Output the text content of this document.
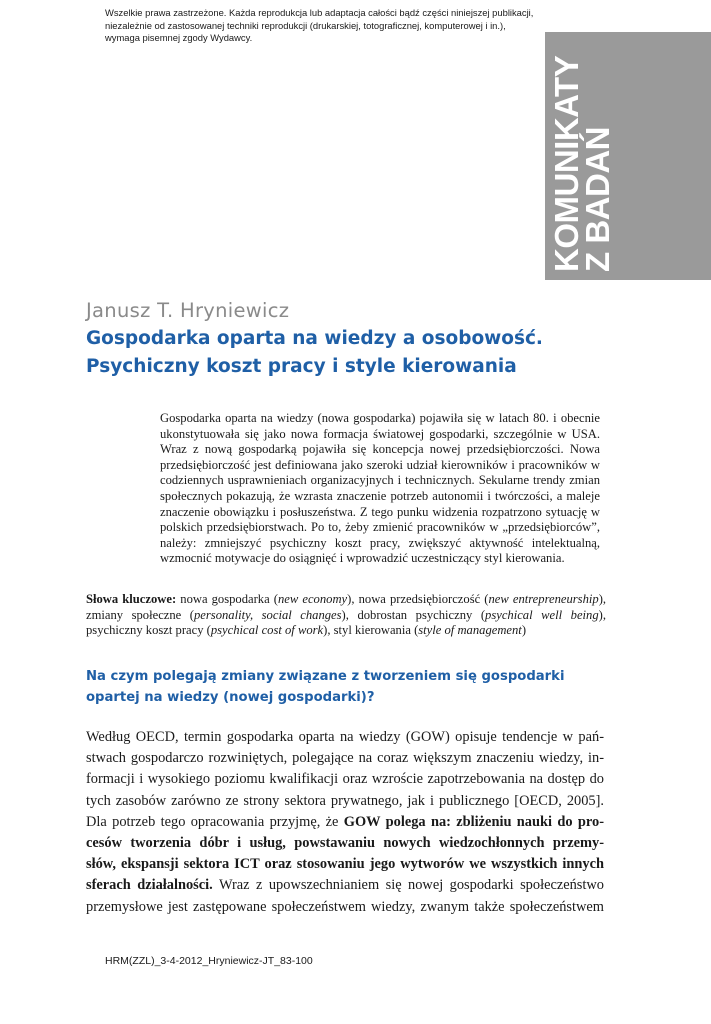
Wszelkie prawa zastrzeżone. Każda reprodukcja lub adaptacja całości bądź części niniejszej publikacji,
niezależnie od zastosowanej techniki reprodukcji (drukarskiej, totograficznej, komputerowej i in.),
wymaga pisemnej zgody Wydawcy.
KOMUNIKATY
Z BADAŃ
Janusz T. Hryniewicz
Gospodarka oparta na wiedzy a osobowość.
Psychiczny koszt pracy i style kierowania
Gospodarka oparta na wiedzy (nowa gospodarka) pojawiła się w latach 80. i obecnie ukonstytuowała się jako nowa formacja światowej gospodarki, szczególnie w USA. Wraz z nową gospodarką pojawiła się koncepcja nowej przedsiębiorczości. Nowa przedsiębiorczość jest definiowana jako szeroki udział kierowników i pracowników w codziennych usprawnieniach organizacyjnych i technicznych. Sekularne trendy zmian społecznych pokazują, że wzrasta znaczenie potrzeb autonomii i twórczości, a maleje znaczenie obowiązku i posłuszeństwa. Z tego punku widzenia rozpatrzono sytuację w polskich przedsiębiorstwach. Po to, żeby zmienić pracowników w „przedsiębiorców”, należy: zmniejszyć psychiczny koszt pracy, zwiększyć aktywność intelektualną, wzmocnić motywacje do osiągnięć i wprowadzić uczestniczący styl kierowania.
Słowa kluczowe: nowa gospodarka (new economy), nowa przedsiębiorczość (new entrepreneurship), zmiany społeczne (personality, social changes), dobrostan psychiczny (psychical well being), psychiczny koszt pracy (psychical cost of work), styl kierowania (style of management)
Na czym polegają zmiany związane z tworzeniem się gospodarki
opartej na wiedzy (nowej gospodarki)?
Według OECD, termin gospodarka oparta na wiedzy (GOW) opisuje tendencje w pań-
stwach gospodarczo rozwiniętych, polegające na coraz większym znaczeniu wiedzy, in-
formacji i wysokiego poziomu kwalifikacji oraz wzroście zapotrzebowania na dostęp do
tych zasobów zarówno ze strony sektora prywatnego, jak i publicznego [OECD, 2005].
Dla potrzeb tego opracowania przyjmę, że GOW polega na: zbliżeniu nauki do pro-
cesów tworzenia dóbr i usług, powstawaniu nowych wiedzochłonnych przemy-
słów, ekspansji sektora ICT oraz stosowaniu jego wytworów we wszystkich innych
sferach działalności. Wraz z upowszechnianiem się nowej gospodarki społeczeństwo
przemysłowe jest zastępowane społeczeństwem wiedzy, zwanym także społeczeństwem
HRM(ZZL)_3-4-2012_Hryniewicz-JT_83-100
